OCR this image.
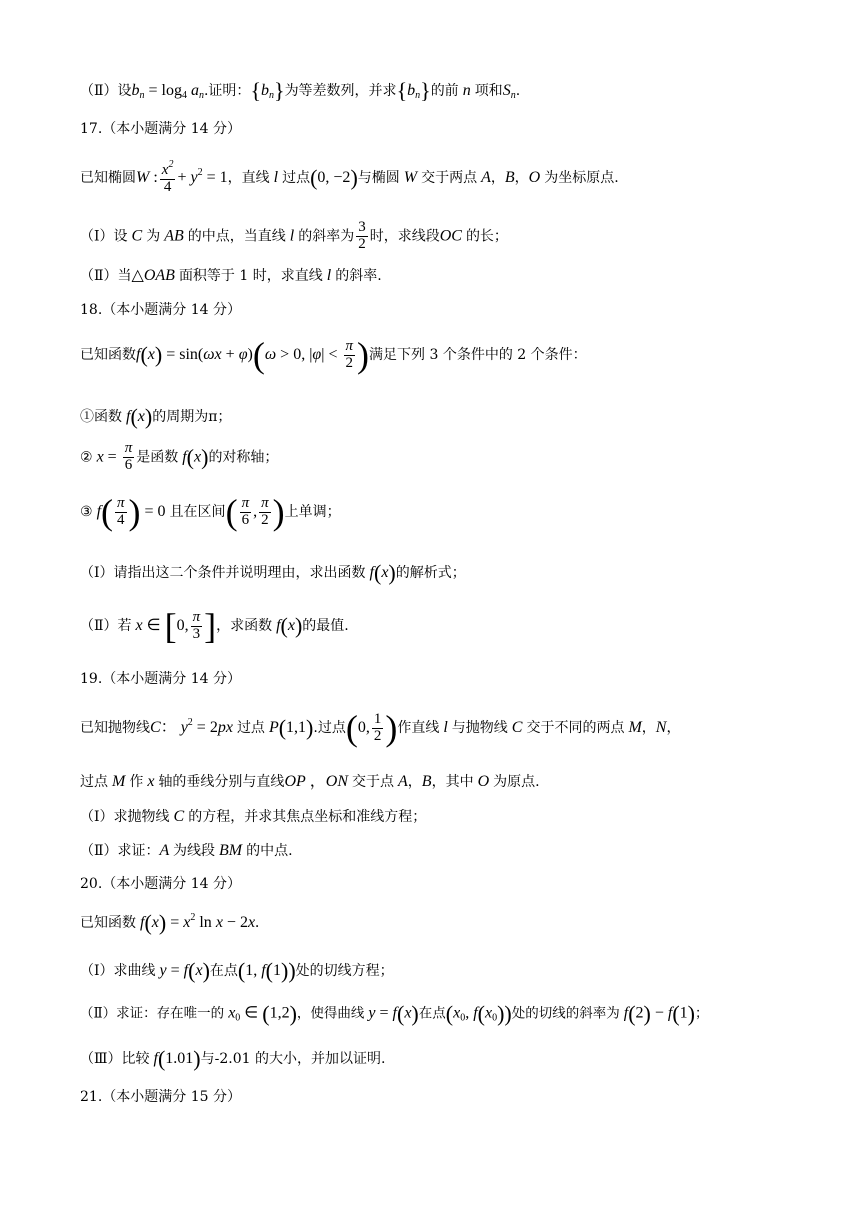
（Ⅱ）设$b_n = \log_4 a_n$.证明：$\{b_n\}$为等差数列，并求$\{b_n\}$的前 n 项和$S_n$.
17.（本小题满分 14 分）
已知椭圆W : $\frac{x^2}{4} + y^2 = 1$，直线 l 过点(0, −2)与椭圆 W 交于两点 A，B，O 为坐标原点.
（Ⅰ）设 C 为 AB 的中点，当直线 l 的斜率为 $\frac{3}{2}$ 时，求线段OC 的长；
（Ⅱ）当△OAB 面积等于 1 时，求直线 l 的斜率.
18.（本小题满分 14 分）
已知函数f(x) = sin(ωx + φ)(ω > 0, $|\varphi| < \frac{\pi}{2}$ )满足下列 3 个条件中的 2 个条件：
①函数 f(x)的周期为π；
② $x = \frac{\pi}{6}$ 是函数 f(x)的对称轴；
③ $f( \frac{\pi}{4}$ ) = 0 且在区间( $\frac{\pi}{6}$ , $\frac{\pi}{2}$ )上单调；
（Ⅰ）请指出这二个条件并说明理由，求出函数 f(x)的解析式；
（Ⅱ）若 x ∈ [0, $\frac{\pi}{3}$ ]，求函数 f(x)的最值.
19.（本小题满分 14 分）
已知抛物线C： $y^2 = 2px$ 过点 P(1,1).过点(0, $\frac{1}{2}$ )作直线 l 与抛物线 C 交于不同的两点 M，N，
过点 M 作 x 轴的垂线分别与直线OP ，ON 交于点 A，B，其中 O 为原点.
（Ⅰ）求抛物线 C 的方程，并求其焦点坐标和准线方程；
（Ⅱ）求证：A 为线段 BM 的中点.
20.（本小题满分 14 分）
已知函数 $f(x) = x^2$ ln x − 2x.
（Ⅰ）求曲线 y = f(x)在点(1, f(1))处的切线方程；
（Ⅱ）求证：存在唯一的 $x_0$ ∈ (1,2)，使得曲线 y = f(x)在点($x_0$, $f(x_0)$)处的切线的斜率为 f(2) − f(1)；
（Ⅲ）比较 f(1.01)与-2.01 的大小，并加以证明.
21.（本小题满分 15 分）
